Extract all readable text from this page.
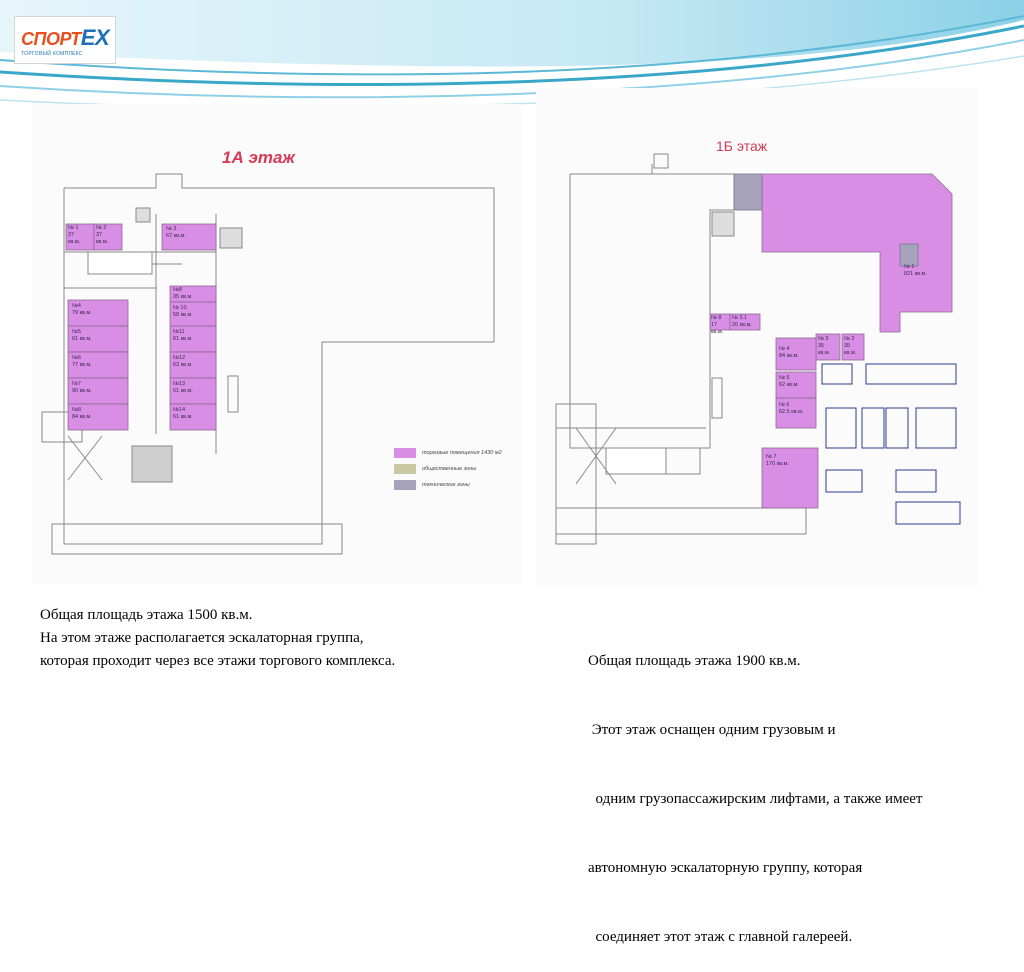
СПОРТEX
ТОРГОВЫЙ КОМПЛЕКС
1А этаж
№ 1
37
кв.м.
№ 2
37
кв.м.
№ 3
67 кв.м.
№4
79 кв.м.
№5
61 кв.м.
№6
77 кв.м.
№7
90 кв.м.
№8
84 кв.м.
№8
35 кв.м.
№ 10
58 кв.м.
№11
61 кв.м.
№12
63 кв.м.
№13
61 кв.м.
№14
61 кв.м.
торговые помещения 1430 м2
общественные зоны
технические зоны
1Б этаж
№ 1
821 кв.м.
№ 2
35
кв.м.
№ 3
35
кв.м.
№ 4
84 кв.м.
№ 5
62 кв.м.
№ 6
62.5 кв.м.
№ 7
170 кв.м.
№ 8
17
кв.м.
№ 3.1
20 кв.м.
Общая площадь этажа 1500 кв.м.
На этом этаже располагается эскалаторная группа,
которая проходит через все этажи торгового комплекса.

	Общая площадь этажа 1900 кв.м.

Этот этаж оснащен одним грузовым и

одним грузопассажирским лифтами, а также имеет

автономную эскалаторную группу, которая

соединяет этот этаж с главной галереей.
